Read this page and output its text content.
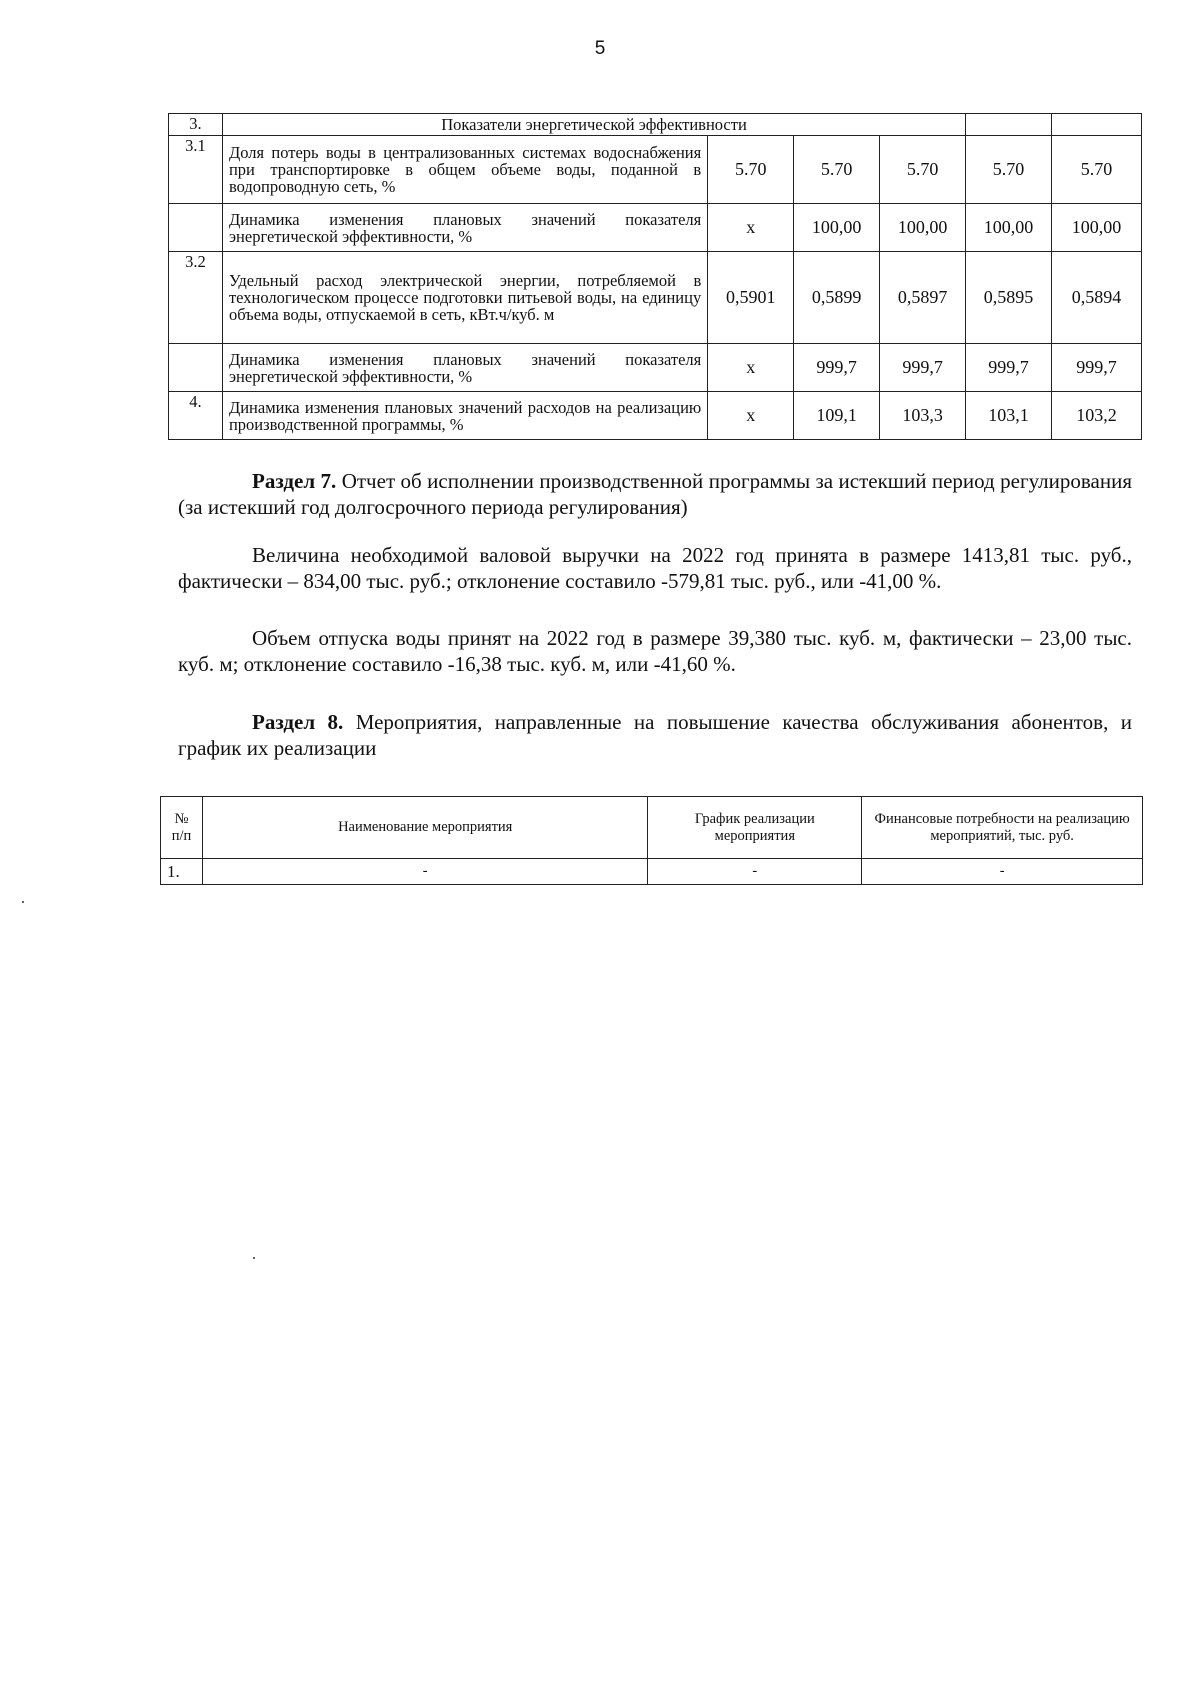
5
3.	Показатели энергетической эффективности					
3.1	Доля потерь воды в централизованных системах водоснабжения при транспортировке в общем объеме воды, поданной в водопроводную сеть, %	5.70	5.70	5.70	5.70	5.70
	Динамика изменения плановых значений показателя энергетической эффективности, %	х	100,00	100,00	100,00	100,00
3.2	Удельный расход электрической энергии, потребляемой в технологическом процессе подготовки питьевой воды, на единицу объема воды, отпускаемой в сеть, кВт.ч/куб. м	0,5901	0,5899	0,5897	0,5895	0,5894
	Динамика изменения плановых значений показателя энергетической эффективности, %	х	999,7	999,7	999,7	999,7
4.	Динамика изменения плановых значений расходов на реализацию производственной программы, %	х	109,1	103,3	103,1	103,2
Раздел 7. Отчет об исполнении производственной программы за истекший период регулирования (за истекший год долгосрочного периода регулирования)
Величина необходимой валовой выручки на 2022 год принята в размере 1413,81 тыс. руб., фактически – 834,00 тыс. руб.; отклонение составило -579,81 тыс. руб., или -41,00 %.
Объем отпуска воды принят на 2022 год в размере 39,380 тыс. куб. м, фактически – 23,00 тыс. куб. м; отклонение составило -16,38 тыс. куб. м, или -41,60 %.
Раздел 8. Мероприятия, направленные на повышение качества обслуживания абонентов, и график их реализации
№ п/п	Наименование мероприятия	График реализации мероприятия	Финансовые потребности на реализацию мероприятий, тыс. руб.
1.	-	-	-
